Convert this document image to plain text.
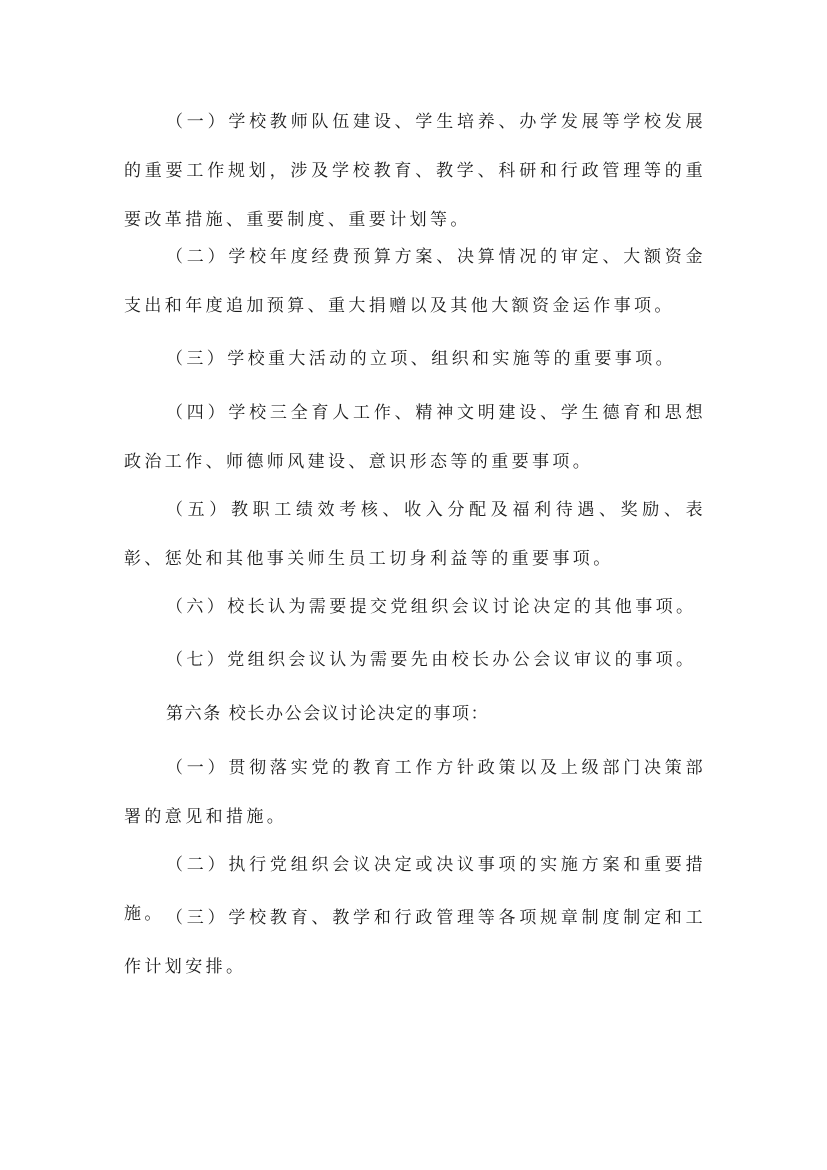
（一）学校教师队伍建设、学生培养、办学发展等学校发展的重要工作规划，涉及学校教育、教学、科研和行政管理等的重要改革措施、重要制度、重要计划等。

（二）学校年度经费预算方案、决算情况的审定、大额资金支出和年度追加预算、重大捐赠以及其他大额资金运作事项。

（三）学校重大活动的立项、组织和实施等的重要事项。

（四）学校三全育人工作、精神文明建设、学生德育和思想政治工作、师德师风建设、意识形态等的重要事项。

（五）教职工绩效考核、收入分配及福利待遇、奖励、表彰、惩处和其他事关师生员工切身利益等的重要事项。

（六）校长认为需要提交党组织会议讨论决定的其他事项。

（七）党组织会议认为需要先由校长办公会议审议的事项。

第六条 校长办公会议讨论决定的事项：

（一）贯彻落实党的教育工作方针政策以及上级部门决策部署的意见和措施。

（二）执行党组织会议决定或决议事项的实施方案和重要措施。 （三）学校教育、教学和行政管理等各项规章制度制定和工作计划安排。
